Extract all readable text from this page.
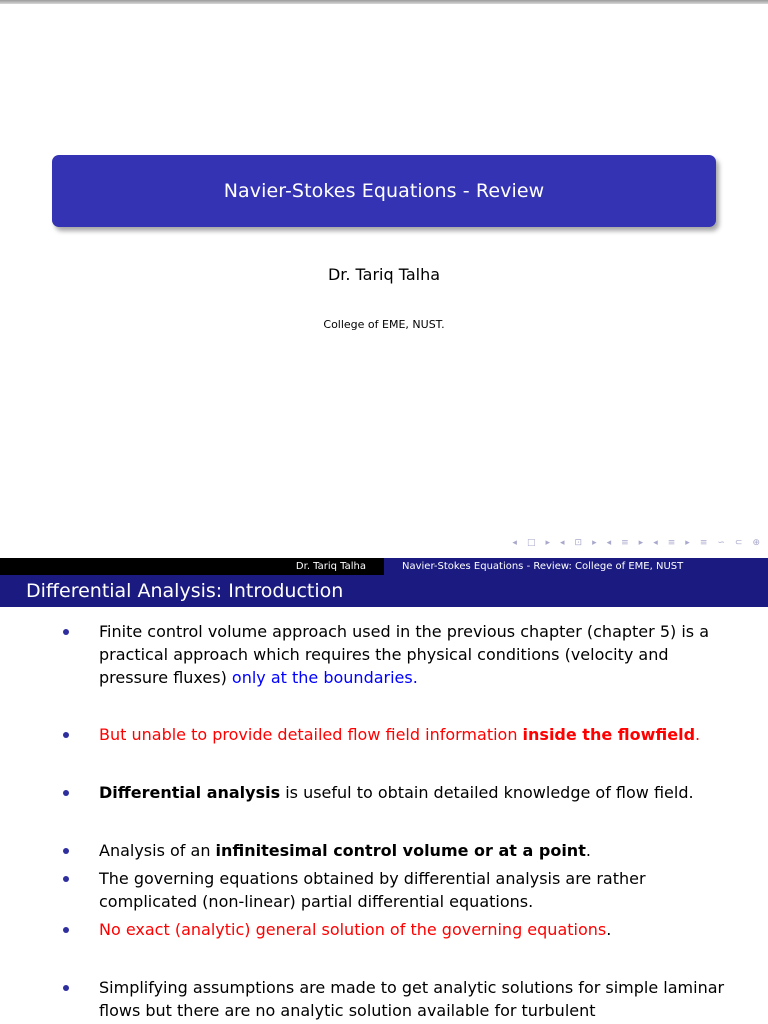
Navier-Stokes Equations - Review
Dr. Tariq Talha
College of EME, NUST.
◂ □ ▸ ◂ ⊡ ▸ ◂ ≡ ▸ ◂ ≡ ▸ ≡ ∽ ⊂ ⊕
Dr. Tariq Talha	Navier-Stokes Equations - Review: College of EME, NUST
Differential Analysis: Introduction
Finite control volume approach used in the previous chapter (chapter 5) is a practical approach which requires the physical conditions (velocity and pressure fluxes) only at the boundaries.
But unable to provide detailed flow field information inside the flowfield.
Differential analysis is useful to obtain detailed knowledge of flow field.
Analysis of an infinitesimal control volume or at a point.
The governing equations obtained by differential analysis are rather complicated (non-linear) partial differential equations.
No exact (analytic) general solution of the governing equations.
Simplifying assumptions are made to get analytic solutions for simple laminar flows but there are no analytic solution available for turbulent
